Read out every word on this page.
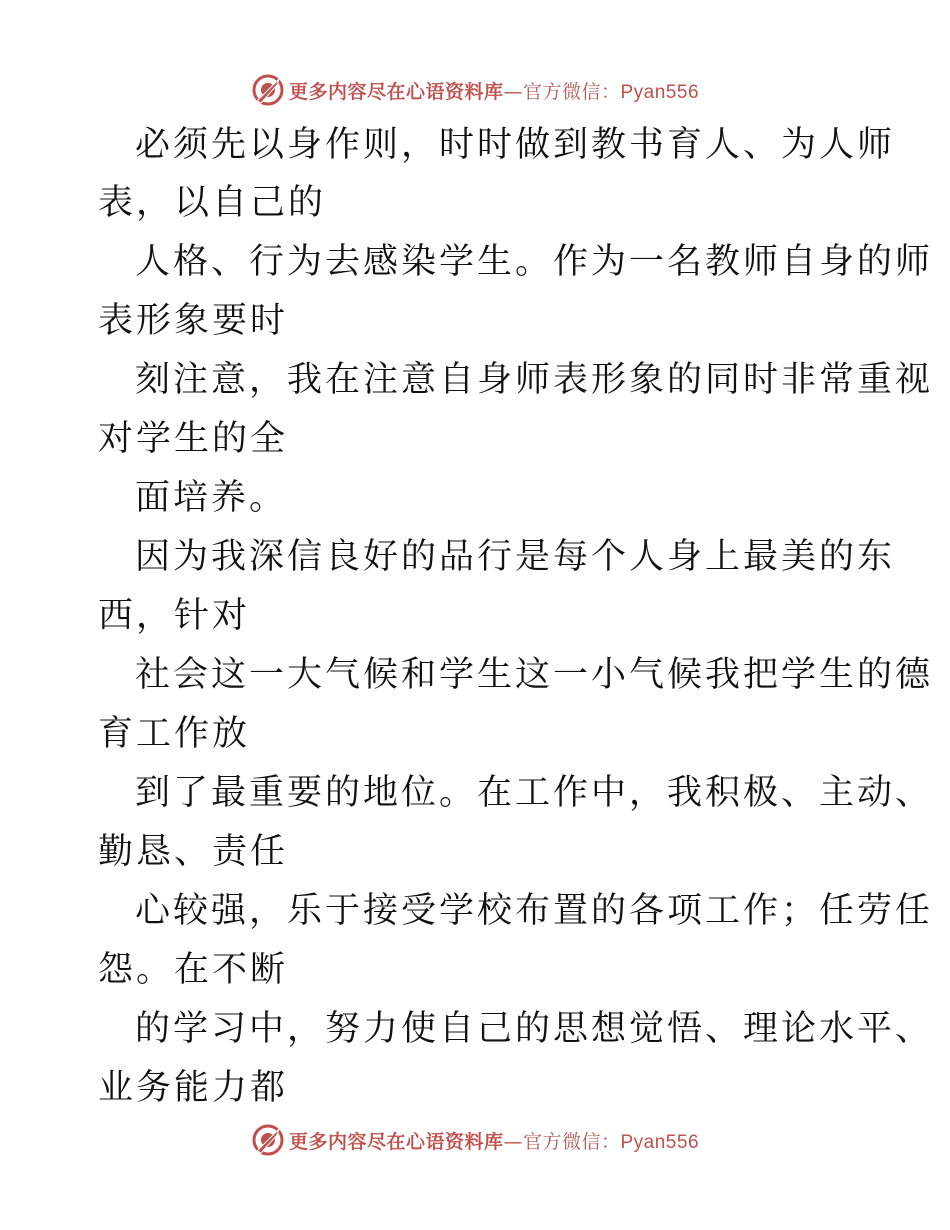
更多内容尽在心语资料库—官方微信：Pyan556
必须先以身作则，时时做到教书育人、为人师
表，以自己的
人格、行为去感染学生。作为一名教师自身的师
表形象要时
刻注意，我在注意自身师表形象的同时非常重视
对学生的全
面培养。
因为我深信良好的品行是每个人身上最美的东
西，针对
社会这一大气候和学生这一小气候我把学生的德
育工作放
到了最重要的地位。在工作中，我积极、主动、
勤恳、责任
心较强，乐于接受学校布置的各项工作；任劳任
怨。在不断
的学习中，努力使自己的思想觉悟、理论水平、
业务能力都
更多内容尽在心语资料库—官方微信：Pyan556
